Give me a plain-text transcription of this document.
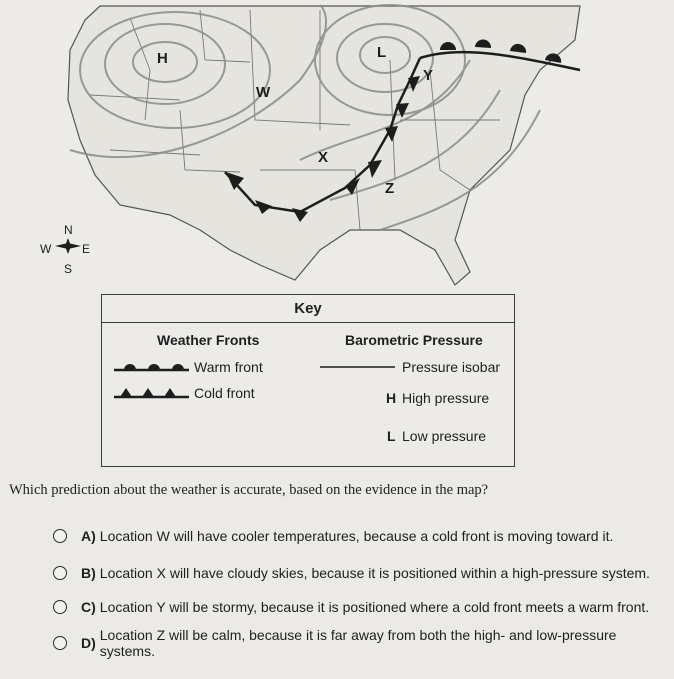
H	L
W
X
Y
Z
N
W	E
S
Key
Weather Fronts	Barometric Pressure
Warm front
Cold front
Pressure isobar
H High pressure
L Low pressure
Which prediction about the weather is accurate, based on the evidence in the map?
A) Location W will have cooler temperatures, because a cold front is moving toward it.
B) Location X will have cloudy skies, because it is positioned within a high-pressure system.
C) Location Y will be stormy, because it is positioned where a cold front meets a warm front.
D) Location Z will be calm, because it is far away from both the high- and low-pressure systems.
